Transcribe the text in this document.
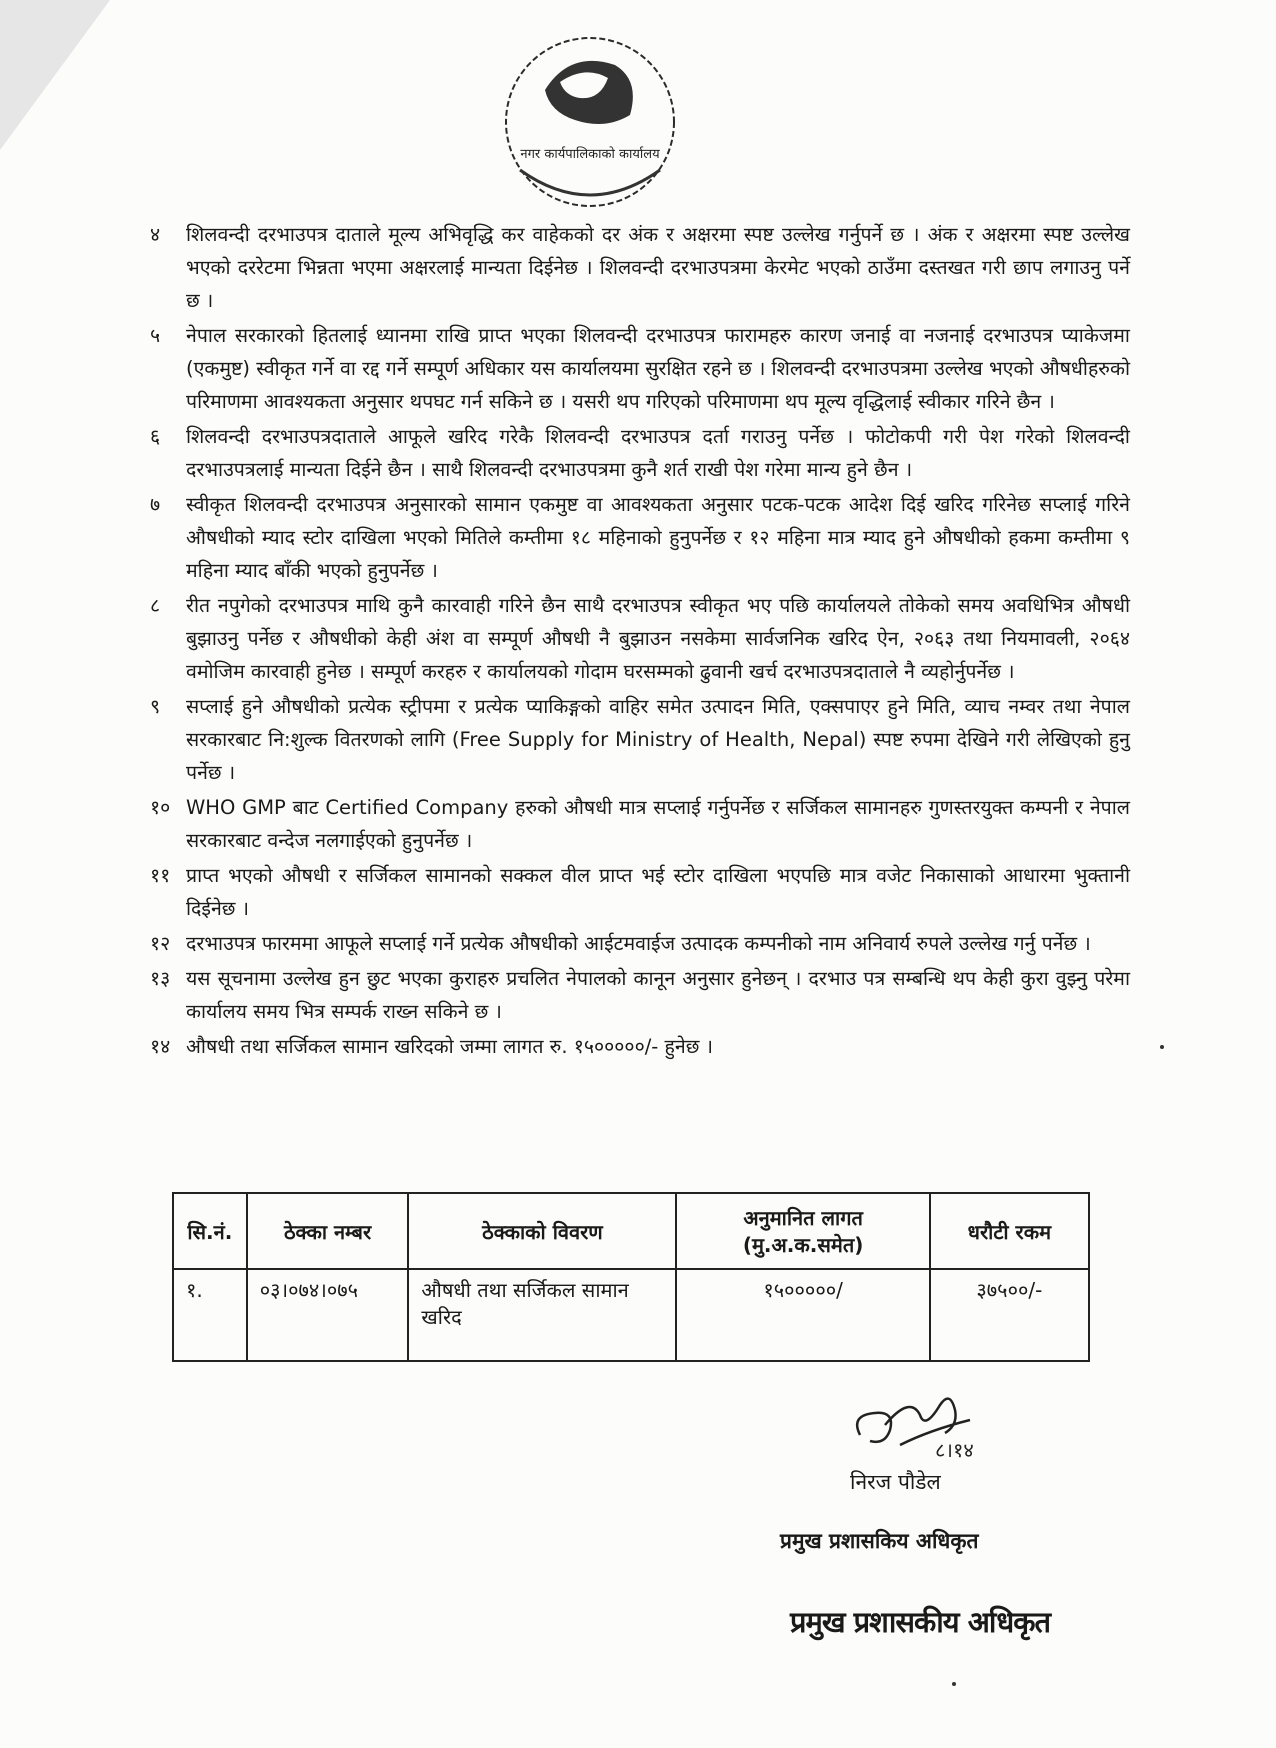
नगर कार्यपालिकाको कार्यालय
४	शिलवन्दी दरभाउपत्र दाताले मूल्य अभिवृद्धि कर वाहेकको दर अंक र अक्षरमा स्पष्ट उल्लेख गर्नुपर्ने छ । अंक र अक्षरमा स्पष्ट उल्लेख भएको दररेटमा भिन्नता भएमा अक्षरलाई मान्यता दिईनेछ । शिलवन्दी दरभाउपत्रमा केरमेट भएको ठाउँमा दस्तखत गरी छाप लगाउनु पर्ने छ ।
५	नेपाल सरकारको हितलाई ध्यानमा राखि प्राप्त भएका शिलवन्दी दरभाउपत्र फारामहरु कारण जनाई वा नजनाई दरभाउपत्र प्याकेजमा (एकमुष्ट) स्वीकृत गर्ने वा रद्द गर्ने सम्पूर्ण अधिकार यस कार्यालयमा सुरक्षित रहने छ । शिलवन्दी दरभाउपत्रमा उल्लेख भएको औषधीहरुको परिमाणमा आवश्यकता अनुसार थपघट गर्न सकिने छ । यसरी थप गरिएको परिमाणमा थप मूल्य वृद्धिलाई स्वीकार गरिने छैन ।
६	शिलवन्दी दरभाउपत्रदाताले आफूले खरिद गरेकै शिलवन्दी दरभाउपत्र दर्ता गराउनु पर्नेछ । फोटोकपी गरी पेश गरेको शिलवन्दी दरभाउपत्रलाई मान्यता दिईने छैन । साथै शिलवन्दी दरभाउपत्रमा कुनै शर्त राखी पेश गरेमा मान्य हुने छैन ।
७	स्वीकृत शिलवन्दी दरभाउपत्र अनुसारको सामान एकमुष्ट वा आवश्यकता अनुसार पटक-पटक आदेश दिई खरिद गरिनेछ सप्लाई गरिने औषधीको म्याद स्टोर दाखिला भएको मितिले कम्तीमा १८ महिनाको हुनुपर्नेछ र १२ महिना मात्र म्याद हुने औषधीको हकमा कम्तीमा ९ महिना म्याद बाँकी भएको हुनुपर्नेछ ।
८	रीत नपुगेको दरभाउपत्र माथि कुनै कारवाही गरिने छैन साथै दरभाउपत्र स्वीकृत भए पछि कार्यालयले तोकेको समय अवधिभित्र औषधी बुझाउनु पर्नेछ र औषधीको केही अंश वा सम्पूर्ण औषधी नै बुझाउन नसकेमा सार्वजनिक खरिद ऐन, २०६३ तथा नियमावली, २०६४ वमोजिम कारवाही हुनेछ । सम्पूर्ण करहरु र कार्यालयको गोदाम घरसम्मको ढुवानी खर्च दरभाउपत्रदाताले नै व्यहोर्नुपर्नेछ ।
९	सप्लाई हुने औषधीको प्रत्येक स्ट्रीपमा र प्रत्येक प्याकिङ्गको वाहिर समेत उत्पादन मिति, एक्सपाएर हुने मिति, व्याच नम्वर तथा नेपाल सरकारबाट नि:शुल्क वितरणको लागि (Free Supply for Ministry of Health, Nepal) स्पष्ट रुपमा देखिने गरी लेखिएको हुनु पर्नेछ ।
१० WHO GMP बाट Certified Company हरुको औषधी मात्र सप्लाई गर्नुपर्नेछ र सर्जिकल सामानहरु गुणस्तरयुक्त कम्पनी र नेपाल सरकारबाट वन्देज नलगाईएको हुनुपर्नेछ ।
११ प्राप्त भएको औषधी र सर्जिकल सामानको सक्कल वील प्राप्त भई स्टोर दाखिला भएपछि मात्र वजेट निकासाको आधारमा भुक्तानी दिईनेछ ।
१२ दरभाउपत्र फारममा आफूले सप्लाई गर्ने प्रत्येक औषधीको आईटमवाईज उत्पादक कम्पनीको नाम अनिवार्य रुपले उल्लेख गर्नु पर्नेछ ।
१३ यस सूचनामा उल्लेख हुन छुट भएका कुराहरु प्रचलित नेपालको कानून अनुसार हुनेछन् । दरभाउ पत्र सम्बन्धि थप केही कुरा वुझ्नु परेमा कार्यालय समय भित्र सम्पर्क राख्न सकिने छ ।
१४ औषधी तथा सर्जिकल सामान खरिदको जम्मा लागत रु. १५०००००/- हुनेछ ।
सि.नं.	ठेक्का नम्बर	ठेक्काको विवरण	अनुमानित लागत (मु.अ.क.समेत)	धरौटी रकम
१.	०३।०७४।०७५	औषधी तथा सर्जिकल सामान खरिद	१५०००००/	३७५००/-
८।१४
निरज पौडेल
प्रमुख प्रशासकिय अधिकृत
प्रमुख प्रशासकीय अधिकृत
